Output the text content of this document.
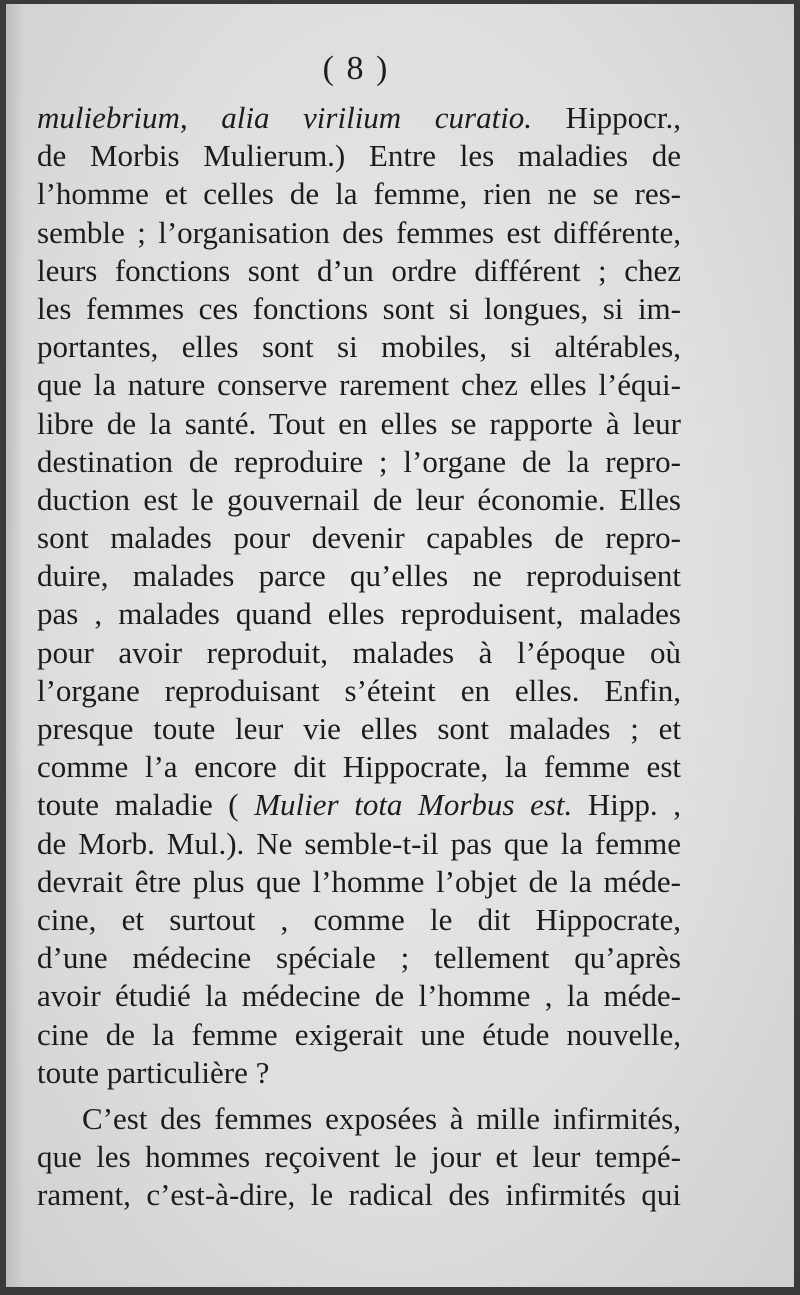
( 8 )
muliebrium, alia virilium curatio. Hippocr.,
de Morbis Mulierum.) Entre les maladies de
l’homme et celles de la femme, rien ne se res-
semble ; l’organisation des femmes est différente,
leurs fonctions sont d’un ordre différent ; chez
les femmes ces fonctions sont si longues, si im-
portantes, elles sont si mobiles, si altérables,
que la nature conserve rarement chez elles l’équi-
libre de la santé. Tout en elles se rapporte à leur
destination de reproduire ; l’organe de la repro-
duction est le gouvernail de leur économie. Elles
sont malades pour devenir capables de repro-
duire, malades parce qu’elles ne reproduisent
pas , malades quand elles reproduisent, malades
pour avoir reproduit, malades à l’époque où
l’organe reproduisant s’éteint en elles. Enfin,
presque toute leur vie elles sont malades ; et
comme l’a encore dit Hippocrate, la femme est
toute maladie ( Mulier tota Morbus est. Hipp. ,
de Morb. Mul.). Ne semble-t-il pas que la femme
devrait être plus que l’homme l’objet de la méde-
cine, et surtout , comme le dit Hippocrate,
d’une médecine spéciale ; tellement qu’après
avoir étudié la médecine de l’homme , la méde-
cine de la femme exigerait une étude nouvelle,
toute particulière ?
C’est des femmes exposées à mille infirmités,
que les hommes reçoivent le jour et leur tempé-
rament, c’est-à-dire, le radical des infirmités qui
